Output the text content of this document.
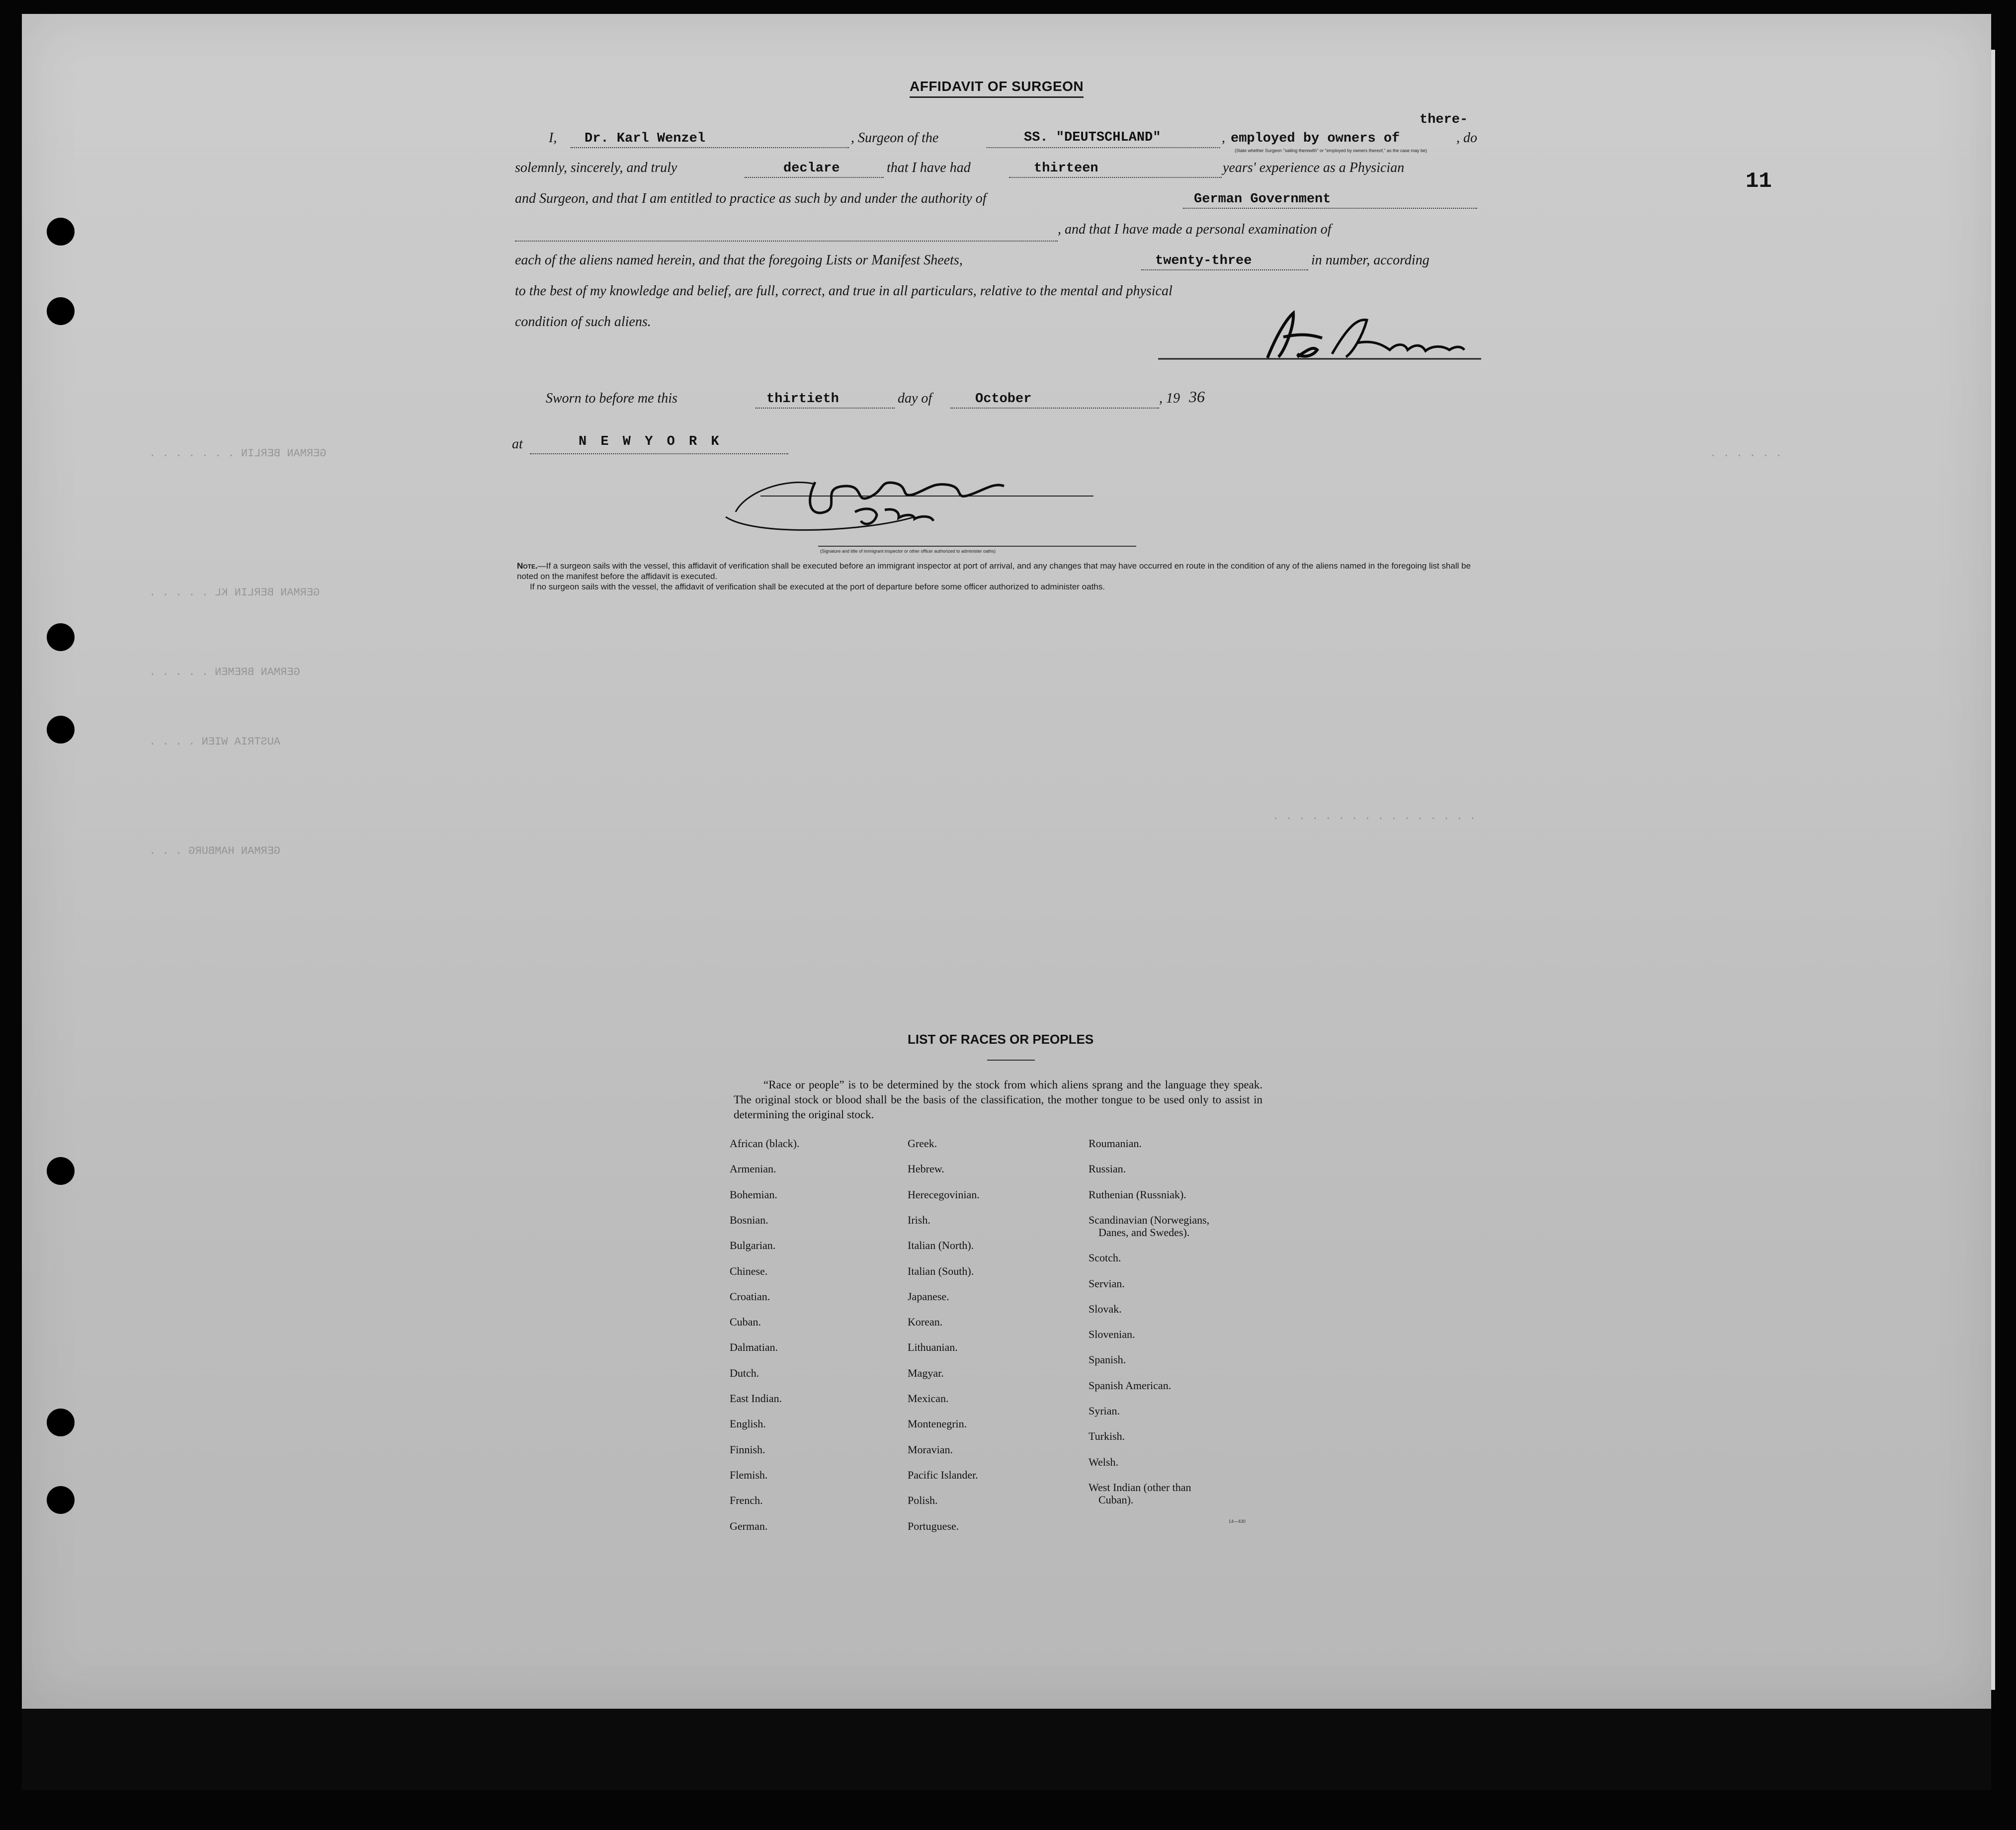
GERMAN BERLIN . . . . . . .
GERMAN BERLIN KL . . . . .
GERMAN BREMEN . . . . .
AUSTRIA WIEN . . . .
GERMAN HAMBURG . . .
. . . . . . . . . . . . . . . .
. . . . . .
11
AFFIDAVIT OF SURGEON
I, Dr. Karl Wenzel	, Surgeon of the	SS. "DEUTSCHLAND"	, employed by owners of
there-
, do
(State whether Surgeon "sailing therewith" or "employed by owners thereof," as the case may be)
solemnly, sincerely, and truly	declare	that I have had	thirteen	years' experience as a Physician
and Surgeon, and that I am entitled to practice as such by and under the authority of	German Government
, and that I have made a personal examination of
each of the aliens named herein, and that the foregoing Lists or Manifest Sheets,	twenty-three	in number, according
to the best of my knowledge and belief, are full, correct, and true in all particulars, relative to the mental and physical
condition of such aliens.
Sworn to before me this	thirtieth	day of	October	, 19 36
at	N E W Y O R K
(Signature and title of immigrant inspector or other officer authorized to administer oaths)
Note.—If a surgeon sails with the vessel, this affidavit of verification shall be executed before an immigrant inspector at port of arrival, and any changes that may have occurred en route in the condition of any of the aliens named in the foregoing list shall be noted on the manifest before the affidavit is executed.
If no surgeon sails with the vessel, the affidavit of verification shall be executed at the port of departure before some officer authorized to administer oaths.
LIST OF RACES OR PEOPLES
“Race or people” is to be determined by the stock from which aliens sprang and the language they speak. The original stock or blood shall be the basis of the classification, the mother tongue to be used only to assist in determining the original stock.
African (black).
Armenian.
Bohemian.
Bosnian.
Bulgarian.
Chinese.
Croatian.
Cuban.
Dalmatian.
Dutch.
East Indian.
English.
Finnish.
Flemish.
French.
German.
Greek.
Hebrew.
Herecegovinian.
Irish.
Italian (North).
Italian (South).
Japanese.
Korean.
Lithuanian.
Magyar.
Mexican.
Montenegrin.
Moravian.
Pacific Islander.
Polish.
Portuguese.
Roumanian.
Russian.
Ruthenian (Russniak).
Scandinavian (Norwegians,
Danes, and Swedes).
Scotch.
Servian.
Slovak.
Slovenian.
Spanish.
Spanish American.
Syrian.
Turkish.
Welsh.
West Indian (other than
Cuban).
14—430
